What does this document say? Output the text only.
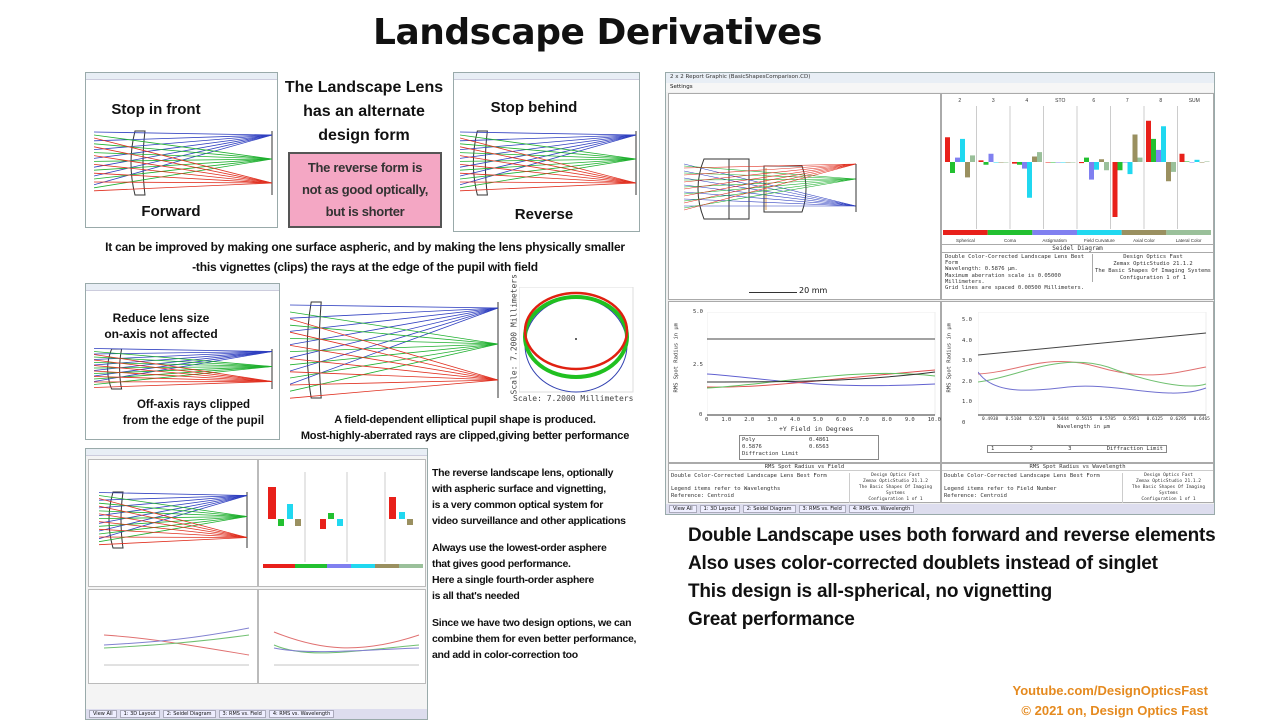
Landscape Derivatives
Stop in front
Forward
The Landscape Lens
has an alternate
design form
The reverse form is
not as good optically,
but is shorter
Stop behind
Reverse
It can be improved by making one surface aspheric, and by making the lens physically smaller
-this vignettes (clips) the rays at the edge of the pupil with field
Reduce lens size
on-axis not affected
Off-axis rays clipped
from the edge of the pupil
Scale: 7.2000 Millimeters
Scale: 7.2000 Millimeters
A field-dependent elliptical pupil shape is produced.
Most-highly-aberrated rays are clipped,giving better performance
View All	1: 3D Layout	2: Seidel Diagram	3: RMS vs. Field	4: RMS vs. Wavelength

The reverse landscape lens, optionally
with aspheric surface and vignetting,
is a very common optical system for
video surveillance and other applications

Always use the lowest-order asphere
that gives good performance.
Here a single fourth-order asphere
is all that's needed

Since we have two design options, we can
combine them for even better performance,
and add in color-correction too

2 x 2 Report Graphic (BasicShapesComparison.CD)
Settings
20 mm
2	3	4	STO	6	7	8	SUM
Spherical	Coma	Astigmatism	Field Curvature	Axial Color	Lateral Color
Seidel Diagram
Double Color-Corrected Landscape Lens Best Form
Wavelength: 0.5876 µm.
Maximum aberration scale is 0.05000 Millimeters.
Grid lines are spaced 0.00500 Millimeters.
Design Optics Fast
Zemax OpticStudio 21.1.2
The Basic Shapes Of Imaging Systems
Configuration 1 of 1
RMS Spot Radius in µm
5.0
2.5
0
0 1.0 2.0 3.0 4.0 5.0 6.0 7.0 8.0 9.0 10.0
+Y Field in Degrees
Poly	0.4861
0.5876	0.6563
Diffraction Limit
RMS Spot Radius in µm
5.0
4.0
3.0
2.0
1.0
0	0.4938 0.5104 0.5270 0.5444 0.5615 0.5785 0.5951 0.6125 0.6295 0.6465
Wavelength in µm
1	2	3	Diffraction Limit
RMS Spot Radius vs Field
Double Color-Corrected Landscape Lens Best Form

Legend items refer to Wavelengths
Reference: Centroid
Design Optics Fast
Zemax OpticStudio 21.1.2
The Basic Shapes Of Imaging Systems
Configuration 1 of 1
RMS Spot Radius vs Wavelength
Double Color-Corrected Landscape Lens Best Form

Legend items refer to Field Number
Reference: Centroid
Design Optics Fast
Zemax OpticStudio 21.1.2
The Basic Shapes Of Imaging Systems
Configuration 1 of 1
View All	1: 3D Layout	2: Seidel Diagram	3: RMS vs. Field	4: RMS vs. Wavelength
Double Landscape uses both forward and reverse elements
Also uses color-corrected doublets instead of singlet
This design is all-spherical, no vignetting
Great performance
Youtube.com/DesignOpticsFast
© 2021 on, Design Optics Fast
